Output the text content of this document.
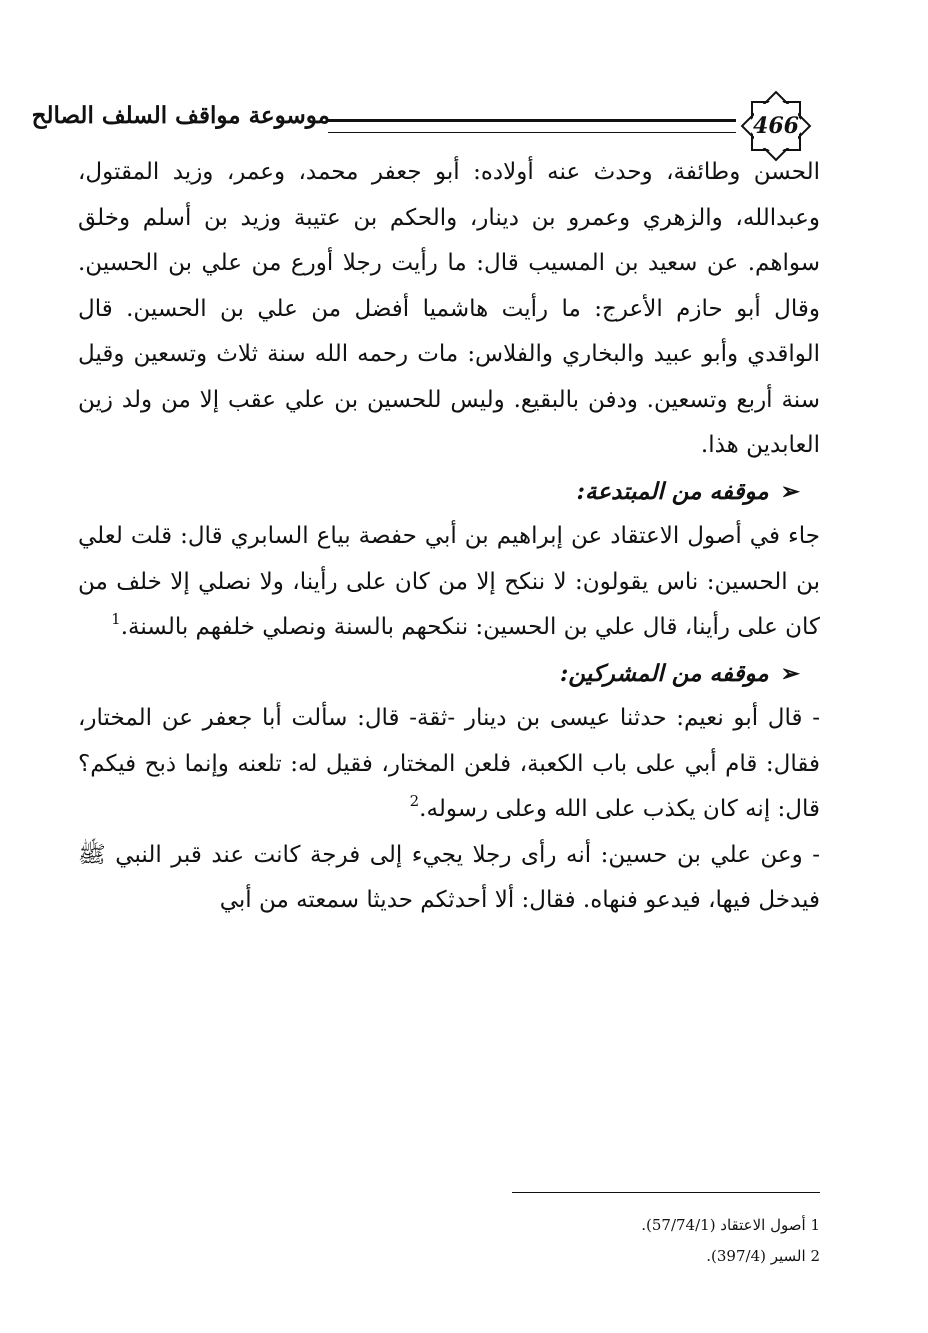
موسوعة مواقف السلف الصالح	466

الحسن وطائفة، وحدث عنه أولاده: أبو جعفر محمد، وعمر، وزيد المقتول، وعبدالله، والزهري وعمرو بن دينار، والحكم بن عتيبة وزيد بن أسلم وخلق سواهم. عن سعيد بن المسيب قال: ما رأيت رجلا أورع من علي بن الحسين. وقال أبو حازم الأعرج: ما رأيت هاشميا أفضل من علي بن الحسين. قال الواقدي وأبو عبيد والبخاري والفلاس: مات رحمه الله سنة ثلاث وتسعين وقيل سنة أربع وتسعين. ودفن بالبقيع. وليس للحسين بن علي عقب إلا من ولد زين العابدين هذا.

➢موقفه من المبتدعة:

جاء في أصول الاعتقاد عن إبراهيم بن أبي حفصة بياع السابري قال: قلت لعلي بن الحسين: ناس يقولون: لا ننكح إلا من كان على رأينا، ولا نصلي إلا خلف من كان على رأينا، قال علي بن الحسين: ننكحهم بالسنة ونصلي خلفهم بالسنة.$^1$

➢موقفه من المشركين:

- قال أبو نعيم: حدثنا عيسى بن دينار -ثقة- قال: سألت أبا جعفر عن المختار، فقال: قام أبي على باب الكعبة، فلعن المختار، فقيل له: تلعنه وإنما ذبح فيكم؟ قال: إنه كان يكذب على الله وعلى رسوله.$^2$

- وعن علي بن حسين: أنه رأى رجلا يجيء إلى فرجة كانت عند قبر النبي ﷺ فيدخل فيها، فيدعو فنهاه. فقال: ألا أحدثكم حديثا سمعته من أبي

1 أصول الاعتقاد (57/74/1).

2 السير (397/4).
